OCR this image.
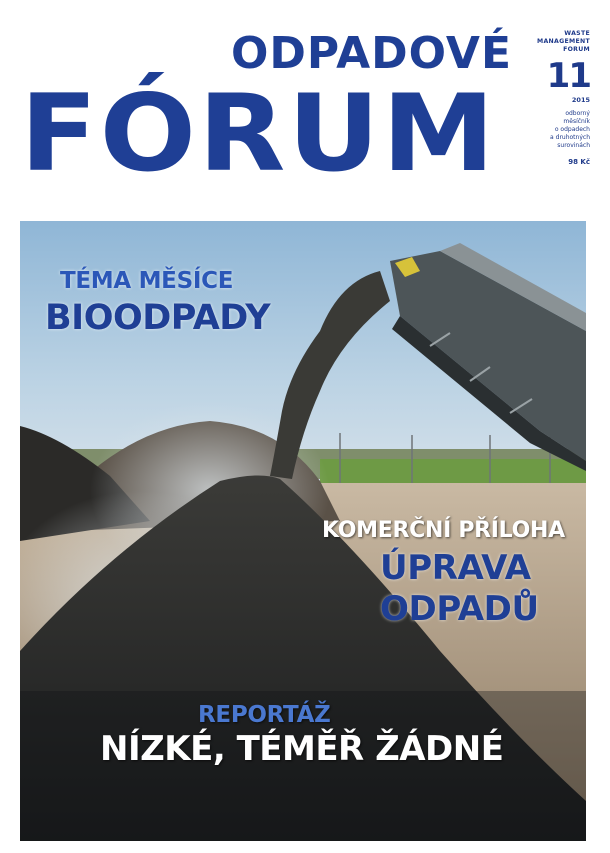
ODPADOVÉ
FÓRUM
WASTE
MANAGEMENT
FORUM
11
2015
odborný
měsíčník
o odpadech
a druhotných
surovinách
98 Kč
TÉMA MĚSÍCE
BIOODPADY
KOMERČNÍ PŘÍLOHA
ÚPRAVA
ODPADŮ
REPORTÁŽ
NÍZKÉ, TÉMĚŘ ŽÁDNÉ
